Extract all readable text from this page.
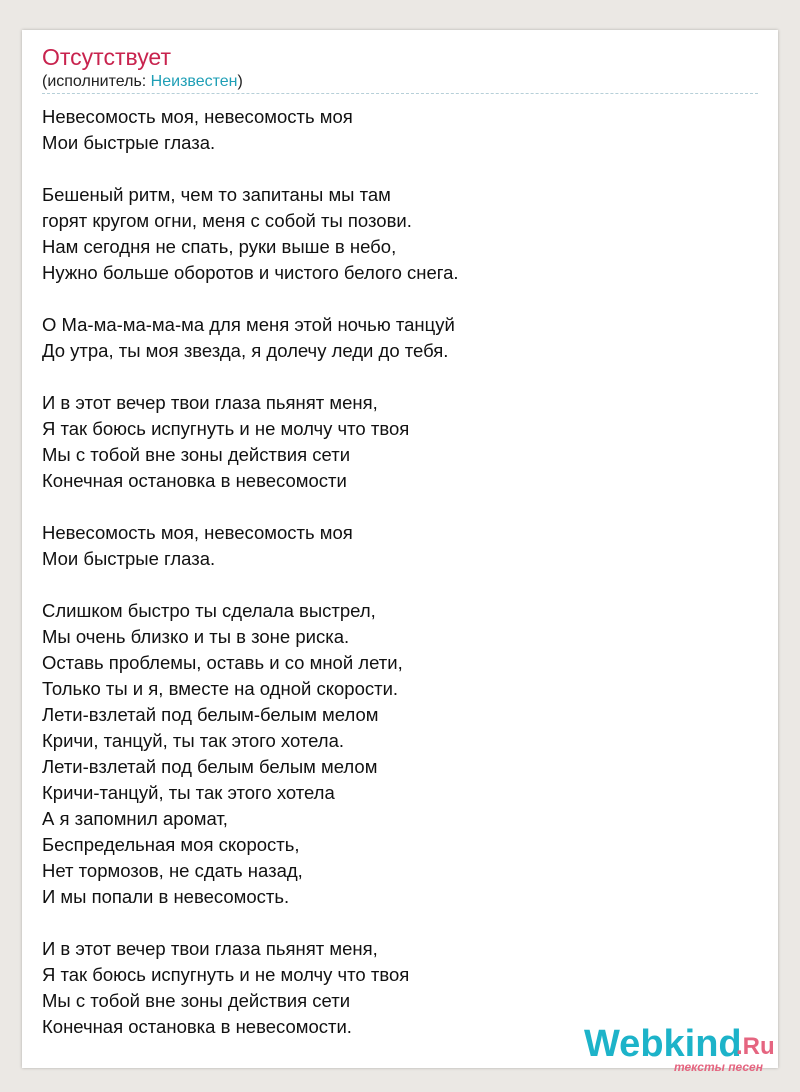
Отсутствует
(исполнитель: Неизвестен)
Невесомость моя, невесомость моя
Мои быстрые глаза.
Бешеный ритм, чем то запитаны мы там
горят кругом огни, меня с собой ты позови.
Нам сегодня не спать, руки выше в небо,
Нужно больше оборотов и чистого белого снега.
О Ма-ма-ма-ма-ма для меня этой ночью танцуй
До утра, ты моя звезда, я долечу леди до тебя.
И в этот вечер твои глаза пьянят меня,
Я так боюсь испугнуть и не молчу что твоя
Мы с тобой вне зоны действия сети
Конечная остановка в невесомости
Невесомость моя, невесомость моя
Мои быстрые глаза.
Слишком быстро ты сделала выстрел,
Мы очень близко и ты в зоне риска.
Оставь проблемы, оставь и со мной лети,
Только ты и я, вместе на одной скорости.
Лети-взлетай под белым-белым мелом
Кричи, танцуй, ты так этого хотела.
Лети-взлетай под белым белым мелом
Кричи-танцуй, ты так этого хотела
А я запомнил аромат,
Беспредельная моя скорость,
Нет тормозов, не сдать назад,
И мы попали в невесомость.
И в этот вечер твои глаза пьянят меня,
Я так боюсь испугнуть и не молчу что твоя
Мы с тобой вне зоны действия сети
Конечная остановка в невесомости.	Webkind
.Ru
тексты песен
